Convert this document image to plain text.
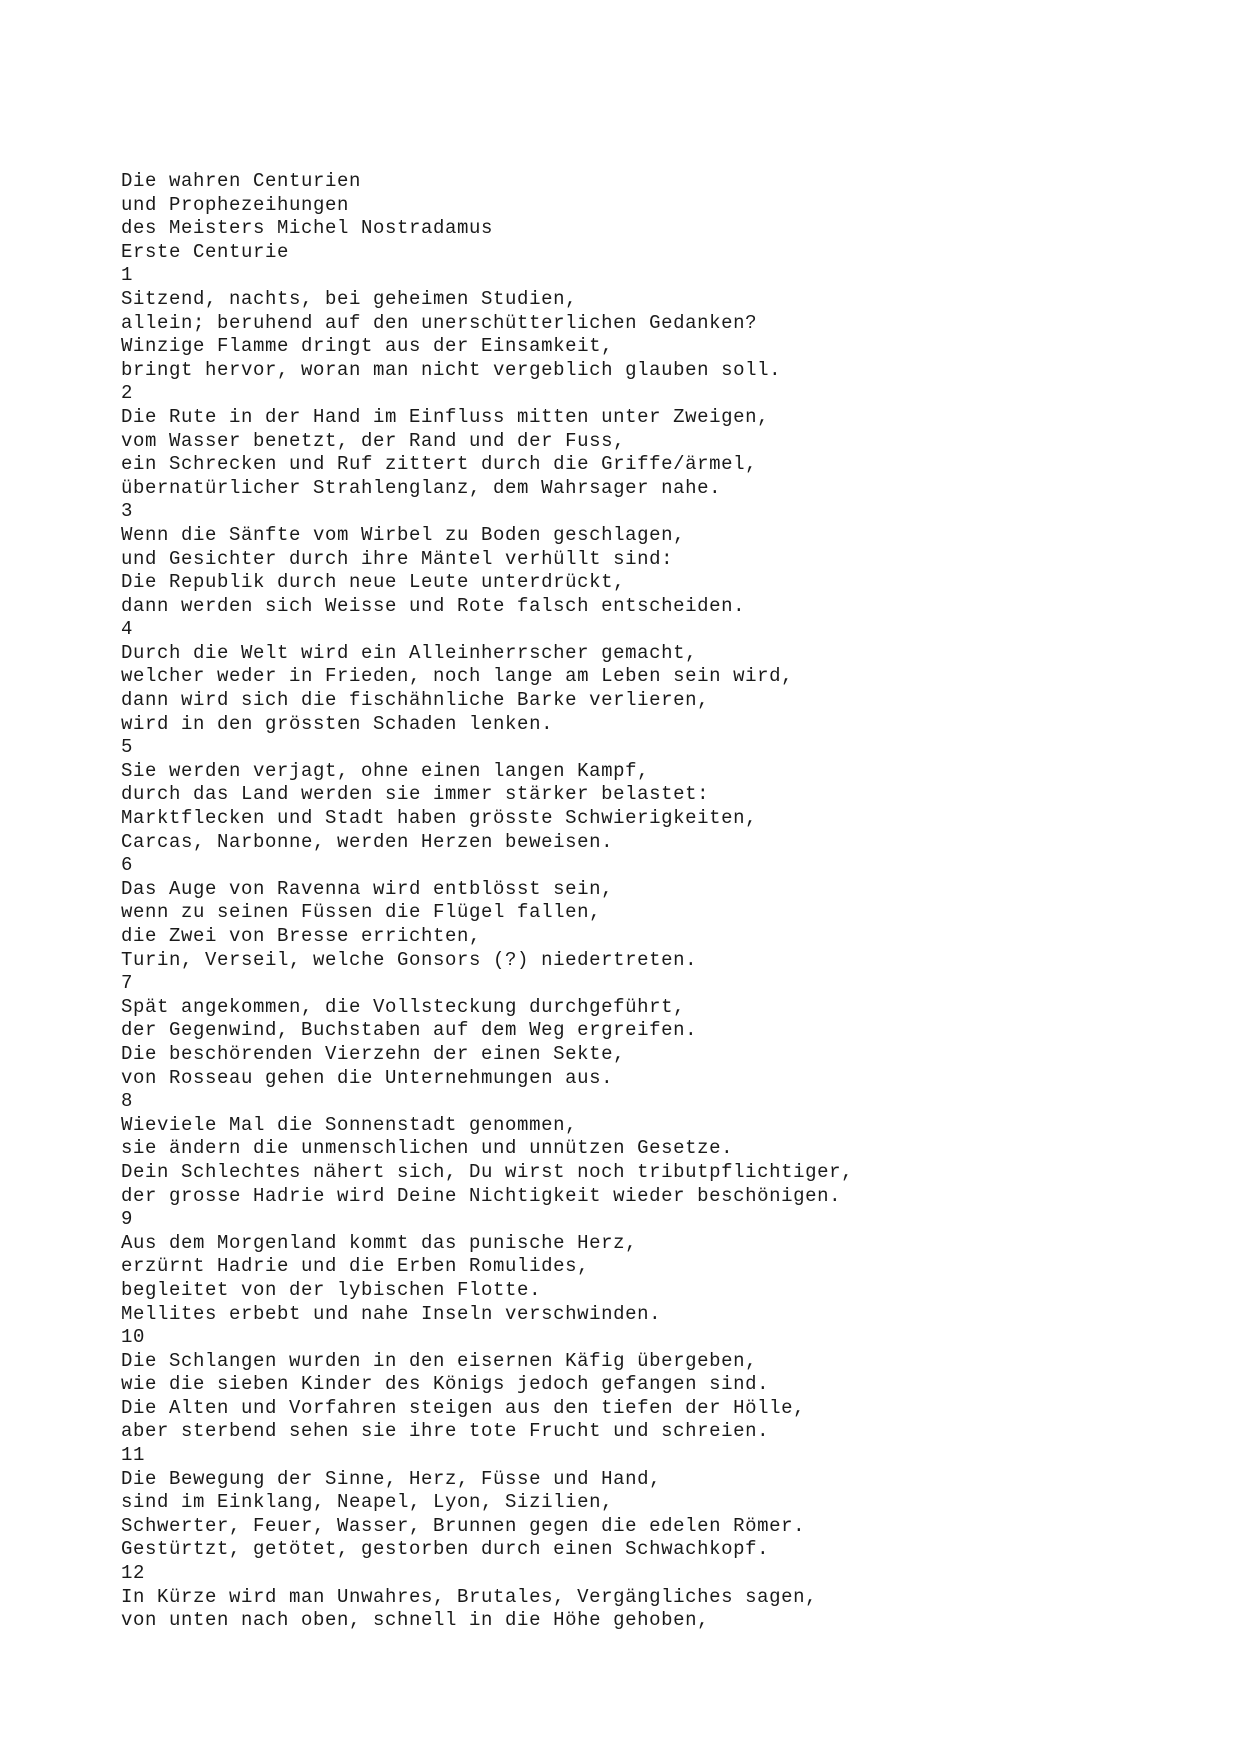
Die wahren Centurien
und Prophezeihungen
des Meisters Michel Nostradamus
Erste Centurie
1
Sitzend, nachts, bei geheimen Studien,
allein; beruhend auf den unerschütterlichen Gedanken?
Winzige Flamme dringt aus der Einsamkeit,
bringt hervor, woran man nicht vergeblich glauben soll.
2
Die Rute in der Hand im Einfluss mitten unter Zweigen,
vom Wasser benetzt, der Rand und der Fuss,
ein Schrecken und Ruf zittert durch die Griffe/ärmel,
übernatürlicher Strahlenglanz, dem Wahrsager nahe.
3
Wenn die Sänfte vom Wirbel zu Boden geschlagen,
und Gesichter durch ihre Mäntel verhüllt sind:
Die Republik durch neue Leute unterdrückt,
dann werden sich Weisse und Rote falsch entscheiden.
4
Durch die Welt wird ein Alleinherrscher gemacht,
welcher weder in Frieden, noch lange am Leben sein wird,
dann wird sich die fischähnliche Barke verlieren,
wird in den grössten Schaden lenken.
5
Sie werden verjagt, ohne einen langen Kampf,
durch das Land werden sie immer stärker belastet:
Marktflecken und Stadt haben grösste Schwierigkeiten,
Carcas, Narbonne, werden Herzen beweisen.
6
Das Auge von Ravenna wird entblösst sein,
wenn zu seinen Füssen die Flügel fallen,
die Zwei von Bresse errichten,
Turin, Verseil, welche Gonsors (?) niedertreten.
7
Spät angekommen, die Vollsteckung durchgeführt,
der Gegenwind, Buchstaben auf dem Weg ergreifen.
Die beschörenden Vierzehn der einen Sekte,
von Rosseau gehen die Unternehmungen aus.
8
Wieviele Mal die Sonnenstadt genommen,
sie ändern die unmenschlichen und unnützen Gesetze.
Dein Schlechtes nähert sich, Du wirst noch tributpflichtiger,
der grosse Hadrie wird Deine Nichtigkeit wieder beschönigen.
9
Aus dem Morgenland kommt das punische Herz,
erzürnt Hadrie und die Erben Romulides,
begleitet von der lybischen Flotte.
Mellites erbebt und nahe Inseln verschwinden.
10
Die Schlangen wurden in den eisernen Käfig übergeben,
wie die sieben Kinder des Königs jedoch gefangen sind.
Die Alten und Vorfahren steigen aus den tiefen der Hölle,
aber sterbend sehen sie ihre tote Frucht und schreien.
11
Die Bewegung der Sinne, Herz, Füsse und Hand,
sind im Einklang, Neapel, Lyon, Sizilien,
Schwerter, Feuer, Wasser, Brunnen gegen die edelen Römer.
Gestürtzt, getötet, gestorben durch einen Schwachkopf.
12
In Kürze wird man Unwahres, Brutales, Vergängliches sagen,
von unten nach oben, schnell in die Höhe gehoben,
